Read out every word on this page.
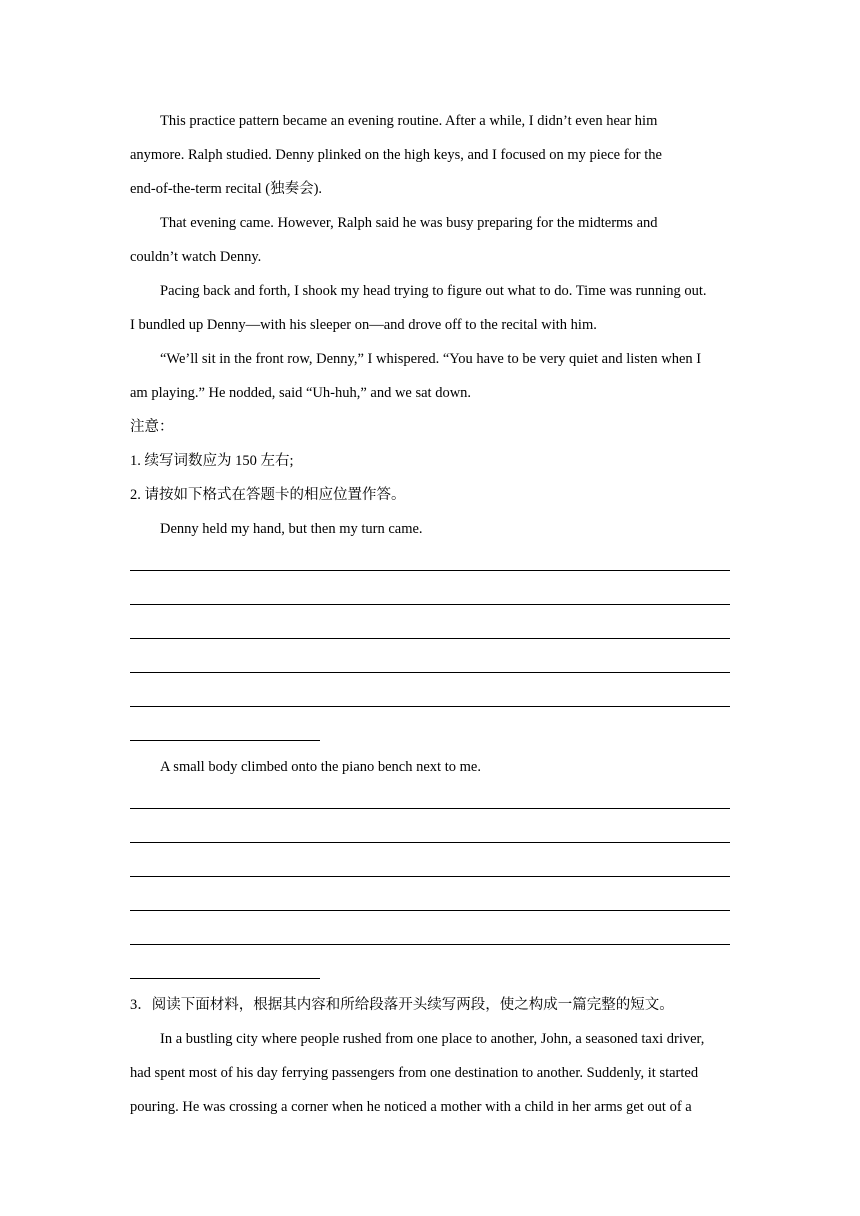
This practice pattern became an evening routine. After a while, I didn’t even hear him
anymore. Ralph studied. Denny plinked on the high keys, and I focused on my piece for the
end-of-the-term recital (独奏会).
That evening came. However, Ralph said he was busy preparing for the midterms and
couldn’t watch Denny.
Pacing back and forth, I shook my head trying to figure out what to do. Time was running out.
I bundled up Denny—with his sleeper on—and drove off to the recital with him.
“We’ll sit in the front row, Denny,” I whispered. “You have to be very quiet and listen when I
am playing.” He nodded, said “Uh-huh,” and we sat down.
注意：
1. 续写词数应为 150 左右;
2. 请按如下格式在答题卡的相应位置作答。
Denny held my hand, but then my turn came.
A small body climbed onto the piano bench next to me.
3．阅读下面材料，根据其内容和所给段落开头续写两段，使之构成一篇完整的短文。
In a bustling city where people rushed from one place to another, John, a seasoned taxi driver,
had spent most of his day ferrying passengers from one destination to another. Suddenly, it started
pouring. He was crossing a corner when he noticed a mother with a child in her arms get out of a
